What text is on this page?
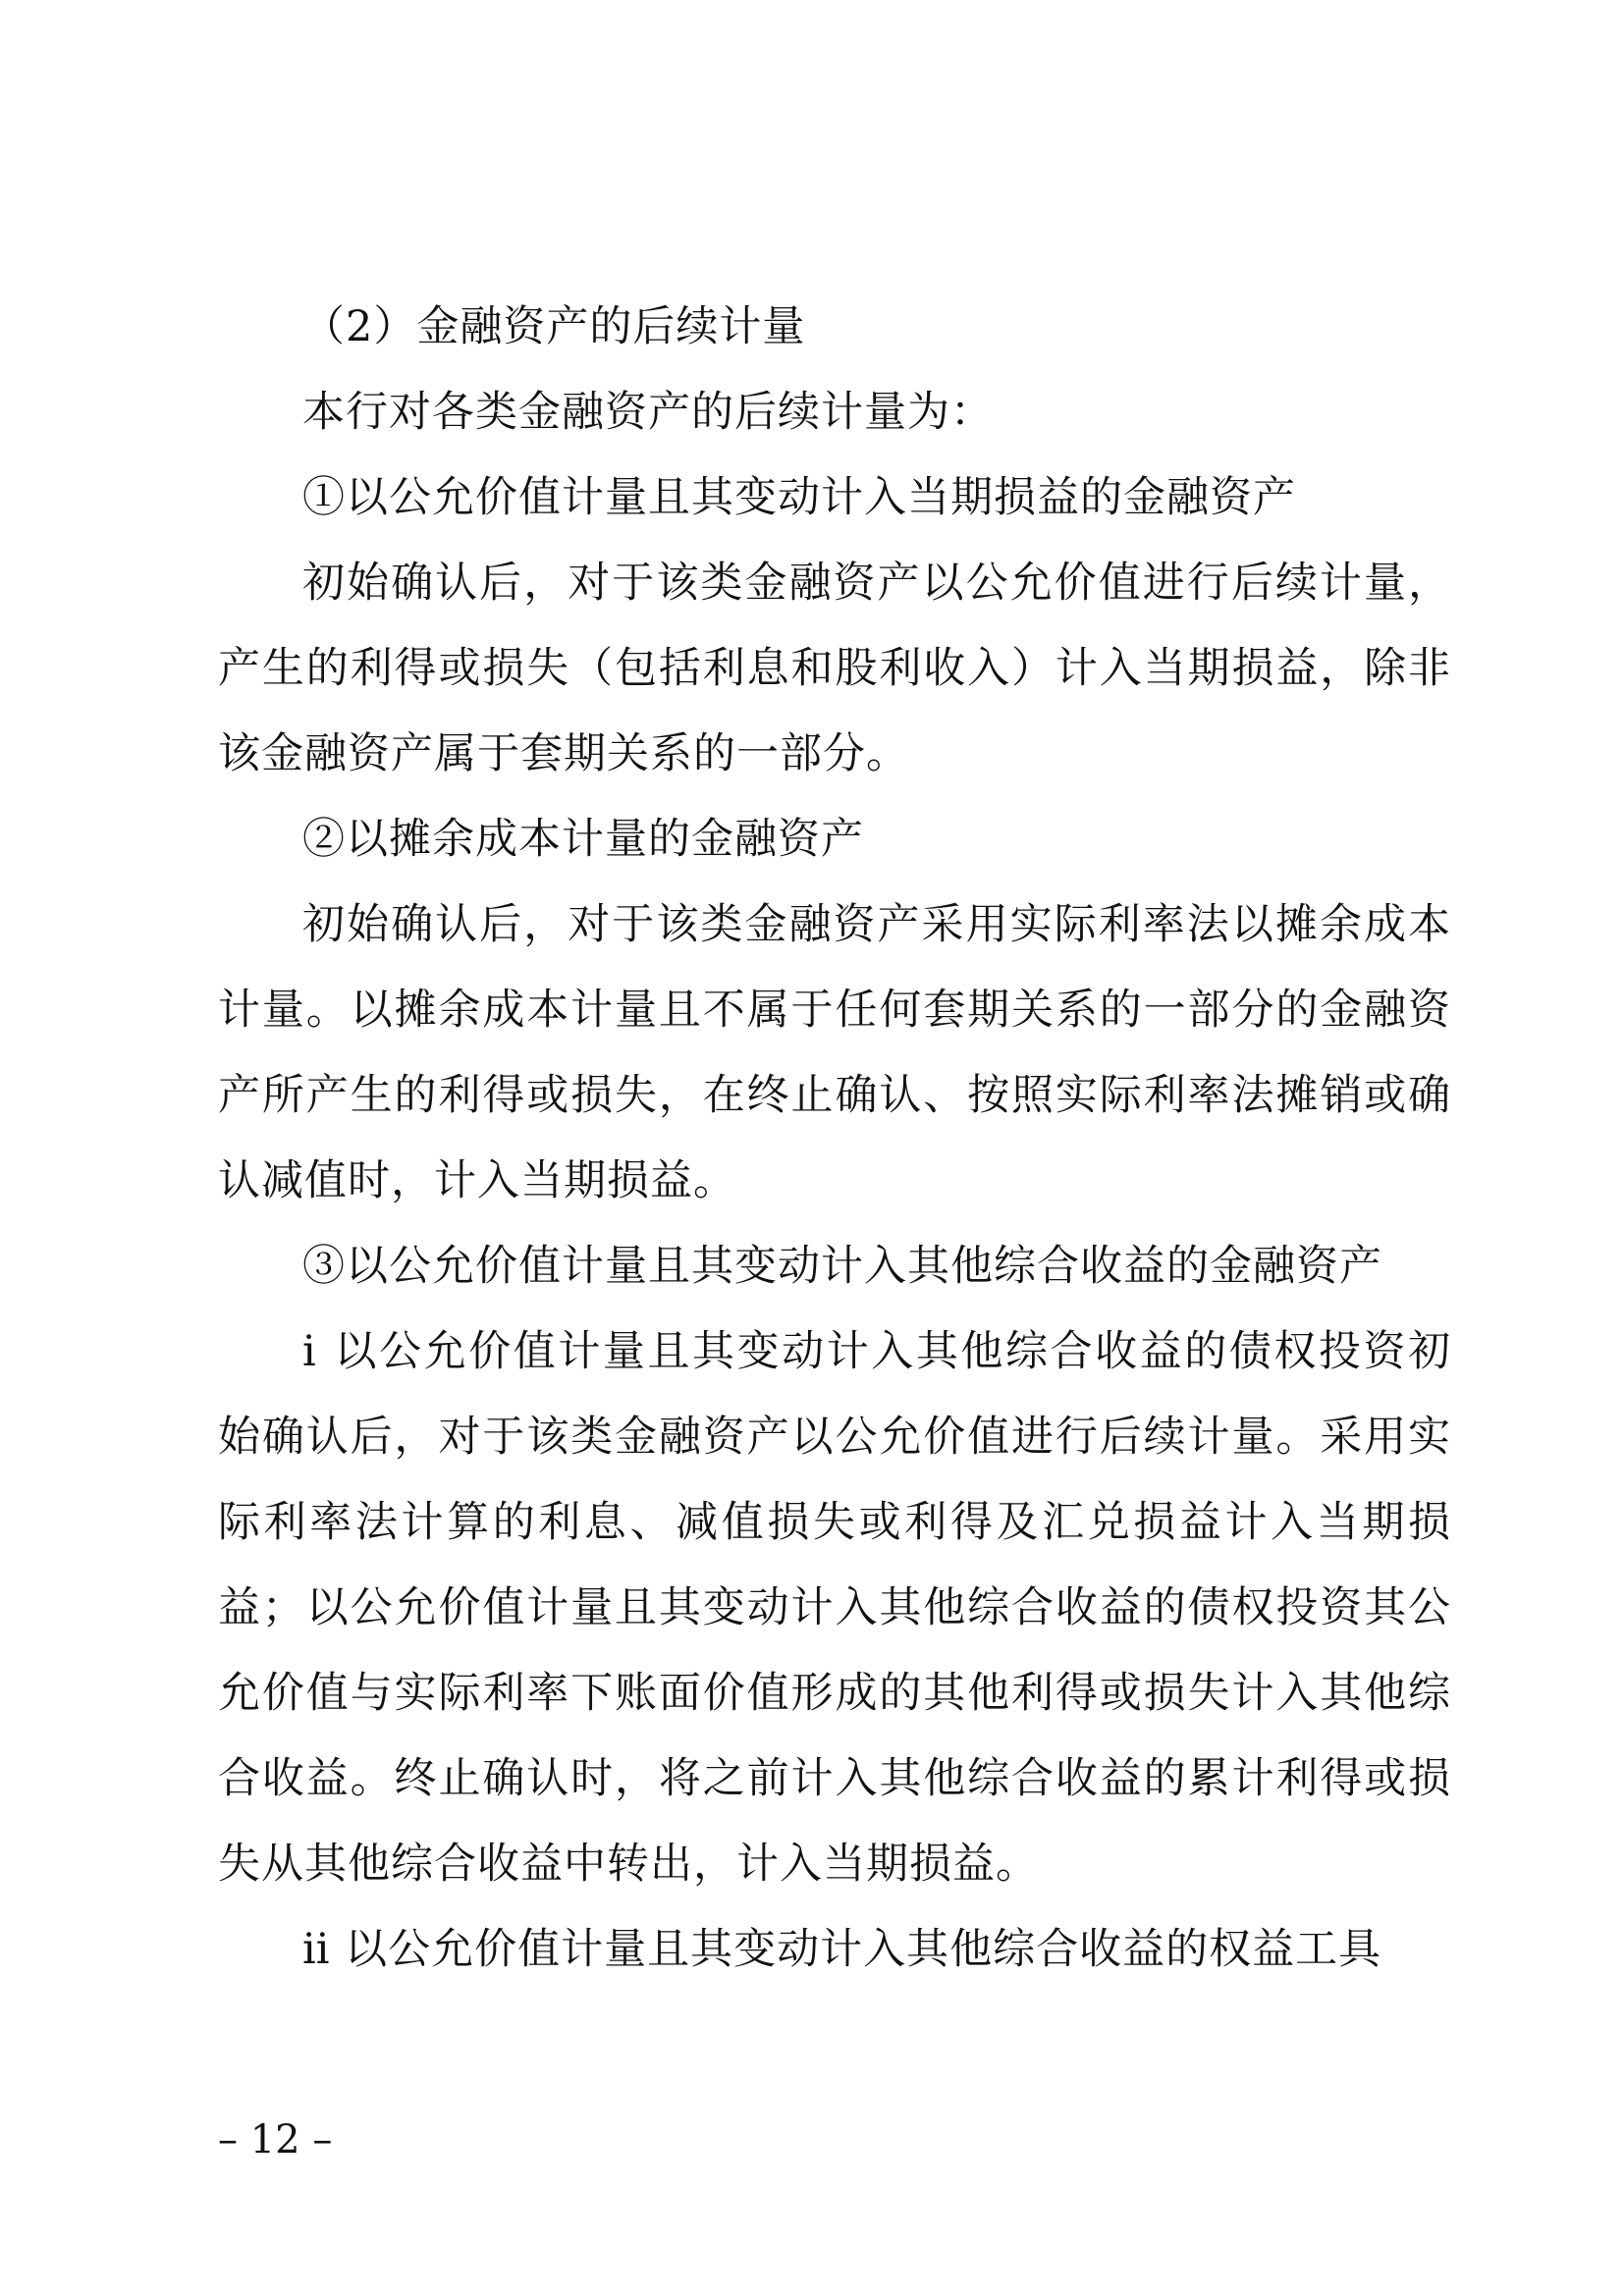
（2）金融资产的后续计量

本行对各类金融资产的后续计量为：

①以公允价值计量且其变动计入当期损益的金融资产

初始确认后，对于该类金融资产以公允价值进行后续计量，产生的利得或损失（包括利息和股利收入）计入当期损益，除非该金融资产属于套期关系的一部分。

②以摊余成本计量的金融资产

初始确认后，对于该类金融资产采用实际利率法以摊余成本计量。以摊余成本计量且不属于任何套期关系的一部分的金融资产所产生的利得或损失，在终止确认、按照实际利率法摊销或确认减值时，计入当期损益。

③以公允价值计量且其变动计入其他综合收益的金融资产

ⅰ 以公允价值计量且其变动计入其他综合收益的债权投资初始确认后，对于该类金融资产以公允价值进行后续计量。采用实际利率法计算的利息、减值损失或利得及汇兑损益计入当期损益；以公允价值计量且其变动计入其他综合收益的债权投资其公允价值与实际利率下账面价值形成的其他利得或损失计入其他综合收益。终止确认时，将之前计入其他综合收益的累计利得或损失从其他综合收益中转出，计入当期损益。

ⅱ 以公允价值计量且其变动计入其他综合收益的权益工具

– 12 –
